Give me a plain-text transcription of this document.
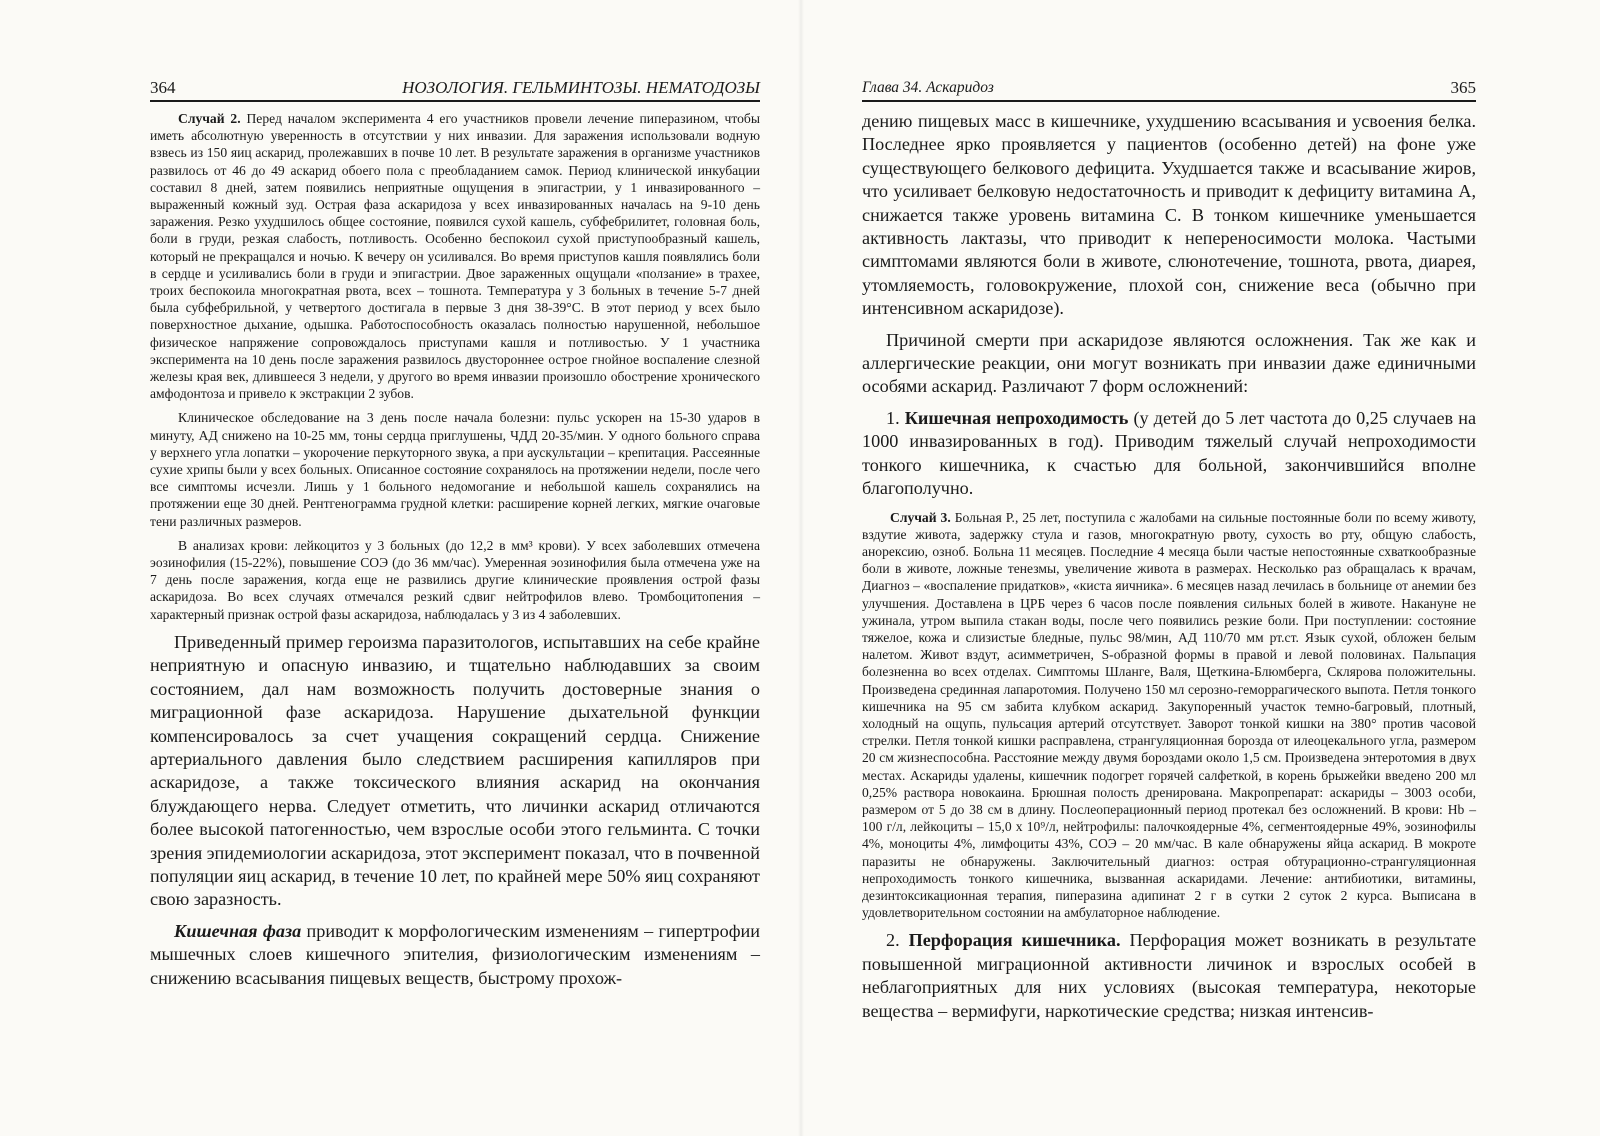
364	НОЗОЛОГИЯ. ГЕЛЬМИНТОЗЫ. НЕМАТОДОЗЫ

Случай 2. Перед началом эксперимента 4 его участников провели лечение пиперазином, чтобы иметь абсолютную уверенность в отсутствии у них инвазии. Для заражения использовали водную взвесь из 150 яиц аскарид, пролежавших в почве 10 лет. В результате заражения в организме участников развилось от 46 до 49 аскарид обоего пола с преобладанием самок. Период клинической инкубации составил 8 дней, затем появились неприятные ощущения в эпигастрии, у 1 инвазированного – выраженный кожный зуд. Острая фаза аскаридоза у всех инвазированных началась на 9-10 день заражения. Резко ухудшилось общее состояние, появился сухой кашель, субфебрилитет, головная боль, боли в груди, резкая слабость, потливость. Особенно беспокоил сухой приступообразный кашель, который не прекращался и ночью. К вечеру он усиливался. Во время приступов кашля появлялись боли в сердце и усиливались боли в груди и эпигастрии. Двое зараженных ощущали «ползание» в трахее, троих беспокоила многократная рвота, всех – тошнота. Температура у 3 больных в течение 5-7 дней была субфебрильной, у четвертого достигала в первые 3 дня 38-39°С. В этот период у всех было поверхностное дыхание, одышка. Работоспособность оказалась полностью нарушенной, небольшое физическое напряжение сопровождалось приступами кашля и потливостью. У 1 участника эксперимента на 10 день после заражения развилось двустороннее острое гнойное воспаление слезной железы края век, длившееся 3 недели, у другого во время инвазии произошло обострение хронического амфодонтоза и привело к экстракции 2 зубов.

Клиническое обследование на 3 день после начала болезни: пульс ускорен на 15-30 ударов в минуту, АД снижено на 10-25 мм, тоны сердца приглушены, ЧДД 20-35/мин. У одного больного справа у верхнего угла лопатки – укорочение перкуторного звука, а при аускультации – крепитация. Рассеянные сухие хрипы были у всех больных. Описанное состояние сохранялось на протяжении недели, после чего все симптомы исчезли. Лишь у 1 больного недомогание и небольшой кашель сохранялись на протяжении еще 30 дней. Рентгенограмма грудной клетки: расширение корней легких, мягкие очаговые тени различных размеров.

В анализах крови: лейкоцитоз у 3 больных (до 12,2 в мм³ крови). У всех заболевших отмечена эозинофилия (15-22%), повышение СОЭ (до 36 мм/час). Умеренная эозинофилия была отмечена уже на 7 день после заражения, когда еще не развились другие клинические проявления острой фазы аскаридоза. Во всех случаях отмечался резкий сдвиг нейтрофилов влево. Тромбоцитопения – характерный признак острой фазы аскаридоза, наблюдалась у 3 из 4 заболевших.

Приведенный пример героизма паразитологов, испытавших на себе крайне неприятную и опасную инвазию, и тщательно наблюдавших за своим состоянием, дал нам возможность получить достоверные знания о миграционной фазе аскаридоза. Нарушение дыхательной функции компенсировалось за счет учащения сокращений сердца. Снижение артериального давления было следствием расширения капилляров при аскаридозе, а также токсического влияния аскарид на окончания блуждающего нерва. Следует отметить, что личинки аскарид отличаются более высокой патогенностью, чем взрослые особи этого гельминта. С точки зрения эпидемиологии аскаридоза, этот эксперимент показал, что в почвенной популяции яиц аскарид, в течение 10 лет, по крайней мере 50% яиц сохраняют свою заразность.

Кишечная фаза приводит к морфологическим изменениям – гипертрофии мышечных слоев кишечного эпителия, физиологическим изменениям – снижению всасывания пищевых веществ, быстрому прохож-

Глава 34. Аскаридоз	365

дению пищевых масс в кишечнике, ухудшению всасывания и усвоения белка. Последнее ярко проявляется у пациентов (особенно детей) на фоне уже существующего белкового дефицита. Ухудшается также и всасывание жиров, что усиливает белковую недостаточность и приводит к дефициту витамина А, снижается также уровень витамина С. В тонком кишечнике уменьшается активность лактазы, что приводит к непереносимости молока. Частыми симптомами являются боли в животе, слюнотечение, тошнота, рвота, диарея, утомляемость, головокружение, плохой сон, снижение веса (обычно при интенсивном аскаридозе).

Причиной смерти при аскаридозе являются осложнения. Так же как и аллергические реакции, они могут возникать при инвазии даже единичными особями аскарид. Различают 7 форм осложнений:

1. Кишечная непроходимость (у детей до 5 лет частота до 0,25 случаев на 1000 инвазированных в год). Приводим тяжелый случай непроходимости тонкого кишечника, к счастью для больной, закончившийся вполне благополучно.

Случай 3. Больная Р., 25 лет, поступила с жалобами на сильные постоянные боли по всему животу, вздутие живота, задержку стула и газов, многократную рвоту, сухость во рту, общую слабость, анорексию, озноб. Больна 11 месяцев. Последние 4 месяца были частые непостоянные схваткообразные боли в животе, ложные тенезмы, увеличение живота в размерах. Несколько раз обращалась к врачам, Диагноз – «воспаление придатков», «киста яичника». 6 месяцев назад лечилась в больнице от анемии без улучшения. Доставлена в ЦРБ через 6 часов после появления сильных болей в животе. Накануне не ужинала, утром выпила стакан воды, после чего появились резкие боли. При поступлении: состояние тяжелое, кожа и слизистые бледные, пульс 98/мин, АД 110/70 мм рт.ст. Язык сухой, обложен белым налетом. Живот вздут, асимметричен, S-образной формы в правой и левой половинах. Пальпация болезненна во всех отделах. Симптомы Шланге, Валя, Щеткина-Блюмберга, Склярова положительны. Произведена срединная лапаротомия. Получено 150 мл серозно-геморрагического выпота. Петля тонкого кишечника на 95 см забита клубком аскарид. Закупоренный участок темно-багровый, плотный, холодный на ощупь, пульсация артерий отсутствует. Заворот тонкой кишки на 380° против часовой стрелки. Петля тонкой кишки расправлена, странгуляционная борозда от илеоцекального угла, размером 20 см жизнеспособна. Расстояние между двумя бороздами около 1,5 см. Произведена энтеротомия в двух местах. Аскариды удалены, кишечник подогрет горячей салфеткой, в корень брыжейки введено 200 мл 0,25% раствора новокаина. Брюшная полость дренирована. Макропрепарат: аскариды – 3003 особи, размером от 5 до 38 см в длину. Послеоперационный период протекал без осложнений. В крови: Hb – 100 г/л, лейкоциты – 15,0 x 10⁹/л, нейтрофилы: палочкоядерные 4%, сегментоядерные 49%, эозинофилы 4%, моноциты 4%, лимфоциты 43%, СОЭ – 20 мм/час. В кале обнаружены яйца аскарид. В мокроте паразиты не обнаружены. Заключительный диагноз: острая обтурационно-странгуляционная непроходимость тонкого кишечника, вызванная аскаридами. Лечение: антибиотики, витамины, дезинтоксикационная терапия, пиперазина адипинат 2 г в сутки 2 суток 2 курса. Выписана в удовлетворительном состоянии на амбулаторное наблюдение.

2. Перфорация кишечника. Перфорация может возникать в результате повышенной миграционной активности личинок и взрослых особей в неблагоприятных для них условиях (высокая температура, некоторые вещества – вермифуги, наркотические средства; низкая интенсив-
